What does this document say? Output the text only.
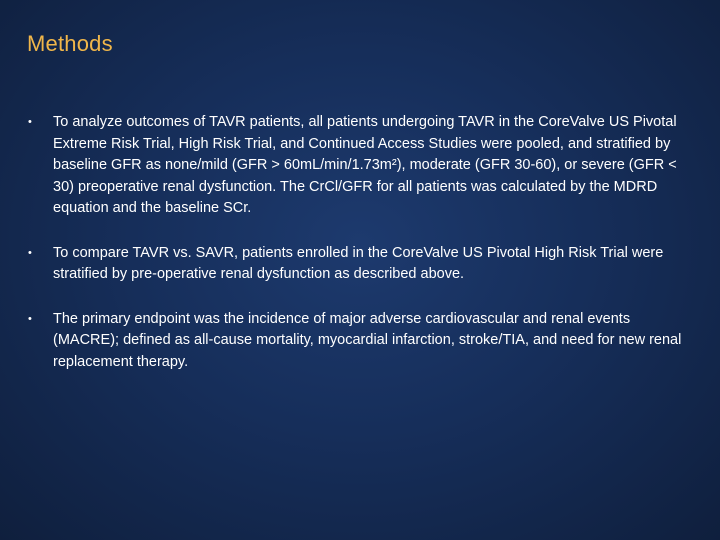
Methods
•	To analyze outcomes of TAVR patients, all patients undergoing TAVR in the CoreValve US Pivotal Extreme Risk Trial, High Risk Trial, and Continued Access Studies were pooled, and stratified by baseline GFR as none/mild (GFR > 60mL/min/1.73m²), moderate (GFR 30-60), or severe (GFR < 30) preoperative renal dysfunction. The CrCl/GFR for all patients was calculated by the MDRD equation and the baseline SCr.
•	To compare TAVR vs. SAVR, patients enrolled in the CoreValve US Pivotal High Risk Trial were stratified by pre-operative renal dysfunction as described above.
•	The primary endpoint was the incidence of major adverse cardiovascular and renal events (MACRE); defined as all-cause mortality, myocardial infarction, stroke/TIA, and need for new renal replacement therapy.
